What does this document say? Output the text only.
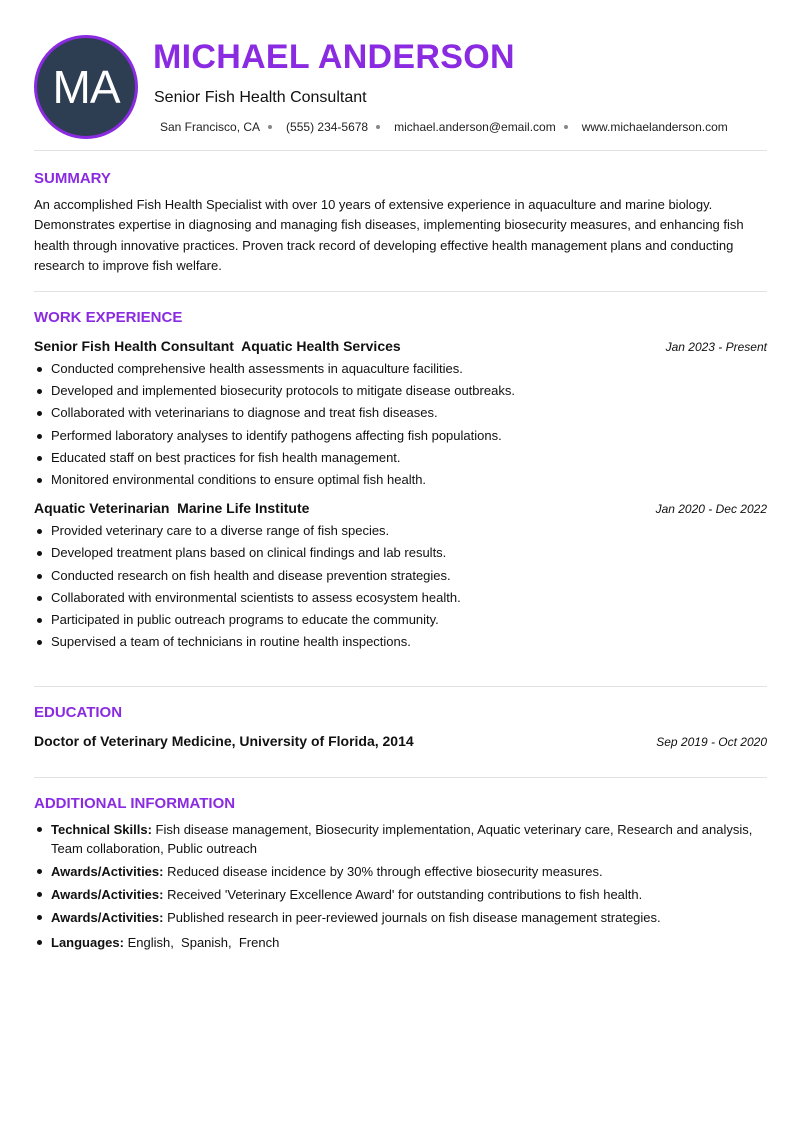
MA
MICHAEL ANDERSON
Senior Fish Health Consultant
San Francisco, CA (555) 234-5678 michael.anderson@email.com www.michaelanderson.com
SUMMARY
An accomplished Fish Health Specialist with over 10 years of extensive experience in aquaculture and marine biology. Demonstrates expertise in diagnosing and managing fish diseases, implementing biosecurity measures, and enhancing fish health through innovative practices. Proven track record of developing effective health management plans and conducting research to improve fish welfare.
WORK EXPERIENCE
Senior Fish Health Consultant  Aquatic Health Services	Jan 2023 - Present
Conducted comprehensive health assessments in aquaculture facilities.
Developed and implemented biosecurity protocols to mitigate disease outbreaks.
Collaborated with veterinarians to diagnose and treat fish diseases.
Performed laboratory analyses to identify pathogens affecting fish populations.
Educated staff on best practices for fish health management.
Monitored environmental conditions to ensure optimal fish health.
Aquatic Veterinarian  Marine Life Institute	Jan 2020 - Dec 2022
Provided veterinary care to a diverse range of fish species.
Developed treatment plans based on clinical findings and lab results.
Conducted research on fish health and disease prevention strategies.
Collaborated with environmental scientists to assess ecosystem health.
Participated in public outreach programs to educate the community.
Supervised a team of technicians in routine health inspections.
EDUCATION
Doctor of Veterinary Medicine, University of Florida, 2014	Sep 2019 - Oct 2020
ADDITIONAL INFORMATION
Technical Skills: Fish disease management, Biosecurity implementation, Aquatic veterinary care, Research and analysis, Team collaboration, Public outreach
Awards/Activities: Reduced disease incidence by 30% through effective biosecurity measures.
Awards/Activities: Received 'Veterinary Excellence Award' for outstanding contributions to fish health.
Awards/Activities: Published research in peer-reviewed journals on fish disease management strategies.
Languages: English,  Spanish,  French
